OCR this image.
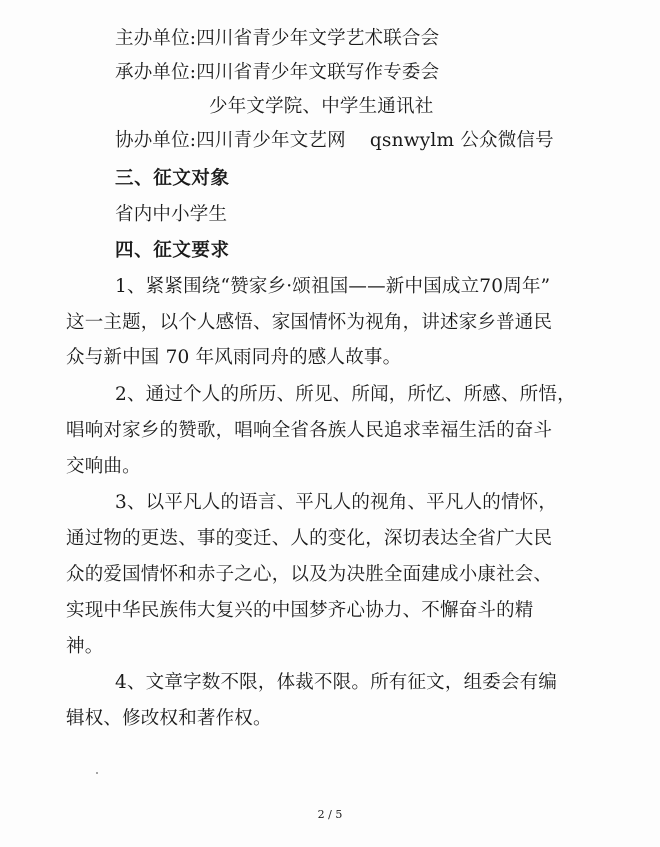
主办单位:四川省青少年文学艺术联合会
承办单位:四川省青少年文联写作专委会
少年文学院、中学生通讯社
协办单位:四川青少年文艺网 qsnwylm 公众微信号
三、征文对象
省内中小学生
四、征文要求
1、紧紧围绕“赞家乡·颂祖国——新中国成立70周年”
这一主题，以个人感悟、家国情怀为视角，讲述家乡普通民
众与新中国 70 年风雨同舟的感人故事。
2、通过个人的所历、所见、所闻，所忆、所感、所悟，
唱响对家乡的赞歌，唱响全省各族人民追求幸福生活的奋斗
交响曲。
3、以平凡人的语言、平凡人的视角、平凡人的情怀，
通过物的更迭、事的变迁、人的变化，深切表达全省广大民
众的爱国情怀和赤子之心，以及为决胜全面建成小康社会、
实现中华民族伟大复兴的中国梦齐心协力、不懈奋斗的精
神。
4、文章字数不限，体裁不限。所有征文，组委会有编
辑权、修改权和著作权。
2 / 5
